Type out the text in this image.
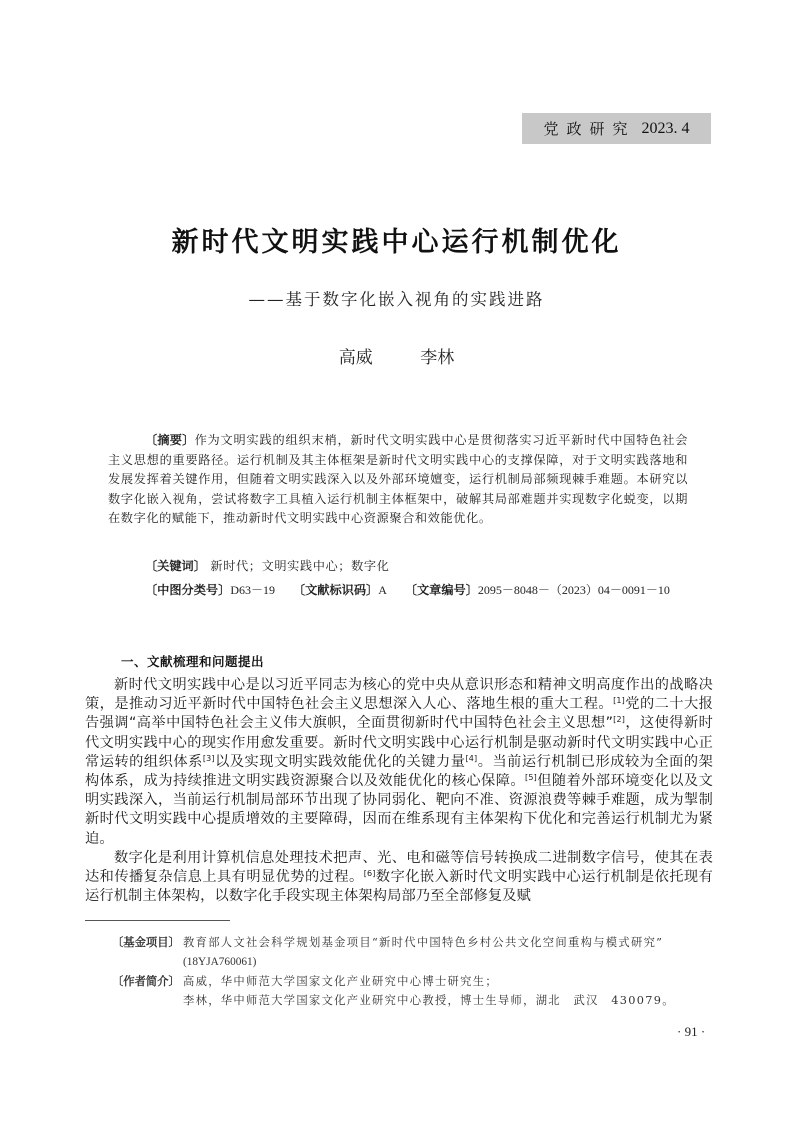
党政研究 2023. 4
新时代文明实践中心运行机制优化
——基于数字化嵌入视角的实践进路
高威	李林
〔摘要〕作为文明实践的组织末梢，新时代文明实践中心是贯彻落实习近平新时代中国特色社会主义思想的重要路径。运行机制及其主体框架是新时代文明实践中心的支撑保障，对于文明实践落地和发展发挥着关键作用，但随着文明实践深入以及外部环境嬗变，运行机制局部频现棘手难题。本研究以数字化嵌入视角，尝试将数字工具植入运行机制主体框架中，破解其局部难题并实现数字化蜕变，以期在数字化的赋能下，推动新时代文明实践中心资源聚合和效能优化。
〔关键词〕 新时代；文明实践中心；数字化
〔中图分类号〕D63－19 〔文献标识码〕A 〔文章编号〕2095－8048－（2023）04－0091－10
一、文献梳理和问题提出

新时代文明实践中心是以习近平同志为核心的党中央从意识形态和精神文明高度作出的战略决策，是推动习近平新时代中国特色社会主义思想深入人心、落地生根的重大工程。[1]党的二十大报告强调“高举中国特色社会主义伟大旗帜，全面贯彻新时代中国特色社会主义思想”[2]，这使得新时代文明实践中心的现实作用愈发重要。新时代文明实践中心运行机制是驱动新时代文明实践中心正常运转的组织体系[3]以及实现文明实践效能优化的关键力量[4]。当前运行机制已形成较为全面的架构体系，成为持续推进文明实践资源聚合以及效能优化的核心保障。[5]但随着外部环境变化以及文明实践深入，当前运行机制局部环节出现了协同弱化、靶向不准、资源浪费等棘手难题，成为掣制新时代文明实践中心提质增效的主要障碍，因而在维系现有主体架构下优化和完善运行机制尤为紧迫。

数字化是利用计算机信息处理技术把声、光、电和磁等信号转换成二进制数字信号，使其在表达和传播复杂信息上具有明显优势的过程。[6]数字化嵌入新时代文明实践中心运行机制是依托现有运行机制主体架构，以数字化手段实现主体架构局部乃至全部修复及赋

〔基金项目〕 教育部人文社会科学规划基金项目“新时代中国特色乡村公共文化空间重构与模式研究”
(18YJA760061)
〔作者简介〕 高威，华中师范大学国家文化产业研究中心博士研究生；
李林，华中师范大学国家文化产业研究中心教授，博士生导师，湖北　武汉　430079。
· 91 ·
